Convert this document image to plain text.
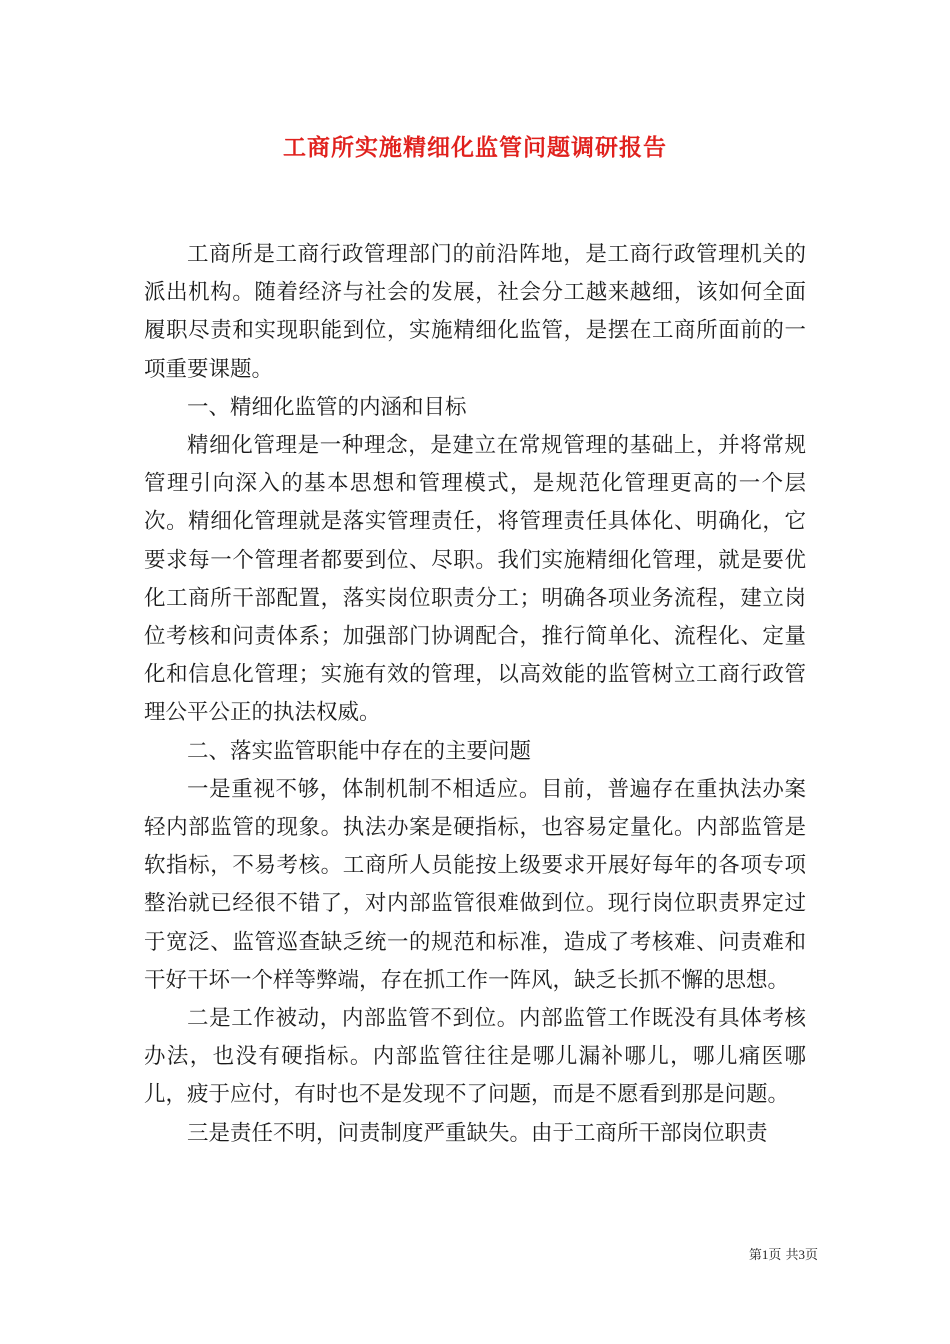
工商所实施精细化监管问题调研报告

工商所是工商行政管理部门的前沿阵地，是工商行政管理机关的派出机构。随着经济与社会的发展，社会分工越来越细，该如何全面履职尽责和实现职能到位，实施精细化监管，是摆在工商所面前的一项重要课题。

一、精细化监管的内涵和目标

精细化管理是一种理念，是建立在常规管理的基础上，并将常规管理引向深入的基本思想和管理模式，是规范化管理更高的一个层次。精细化管理就是落实管理责任，将管理责任具体化、明确化，它要求每一个管理者都要到位、尽职。我们实施精细化管理，就是要优化工商所干部配置，落实岗位职责分工；明确各项业务流程，建立岗位考核和问责体系；加强部门协调配合，推行简单化、流程化、定量化和信息化管理；实施有效的管理，以高效能的监管树立工商行政管理公平公正的执法权威。

二、落实监管职能中存在的主要问题

一是重视不够，体制机制不相适应。目前，普遍存在重执法办案轻内部监管的现象。执法办案是硬指标，也容易定量化。内部监管是软指标，不易考核。工商所人员能按上级要求开展好每年的各项专项整治就已经很不错了，对内部监管很难做到位。现行岗位职责界定过于宽泛、监管巡查缺乏统一的规范和标准，造成了考核难、问责难和干好干坏一个样等弊端，存在抓工作一阵风，缺乏长抓不懈的思想。

二是工作被动，内部监管不到位。内部监管工作既没有具体考核办法，也没有硬指标。内部监管往往是哪儿漏补哪儿，哪儿痛医哪儿，疲于应付，有时也不是发现不了问题，而是不愿看到那是问题。

三是责任不明，问责制度严重缺失。由于工商所干部岗位职责

第1页 共3页
